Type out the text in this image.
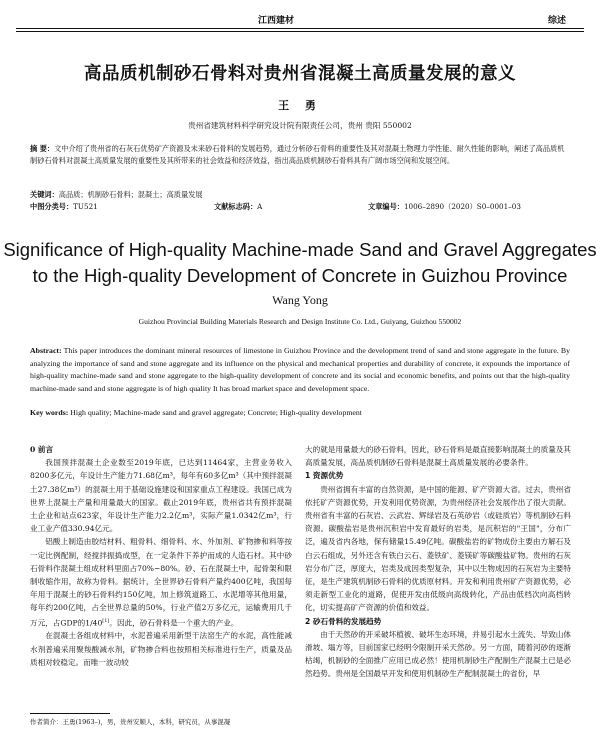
江西建材	综述
高品质机制砂石骨料对贵州省混凝土高质量发展的意义
王 勇
贵州省建筑材料科学研究设计院有限责任公司，贵州 贵阳 550002
摘 要：文中介绍了贵州省的石灰石优势矿产资源及未来砂石骨料的发展趋势，通过分析砂石骨料的重要性及其对混凝土物理力学性能、耐久性能的影响，阐述了高品质机制砂石骨料对混凝土高质量发展的重要性及其所带来的社会效益和经济效益，指出高品质机制砂石骨料具有广阔市场空间和发展空间。
关键词：高品质；机制砂石骨料；混凝土；高质量发展
中图分类号：TU521	文献标志码：A	文章编号：1006–2890（2020）S0–0001–03
Significance of High-quality Machine-made Sand and Gravel Aggregates
to the High-quality Development of Concrete in Guizhou Province
Wang Yong
Guizhou Provincial Building Materials Research and Design Institute Co. Ltd., Guiyang, Guizhou 550002
Abstract: This paper introduces the dominant mineral resources of limestone in Guizhou Province and the development trend of sand and stone aggregate in the future. By analyzing the importance of sand and stone aggregate and its influence on the physical and mechanical properties and durability of concrete, it expounds the importance of high-quality machine-made sand and stone aggregate to the high-quality development of concrete and its social and economic benefits, and points out that the high-quality machine-made sand and stone aggregate is of high quality It has broad market space and development space.
Key words: High quality; Machine-made sand and gravel aggregate; Concrete; High-quality development

0 前言

我国预拌混凝土企业数至2019年底，已达到11464家，主营业务收入8200多亿元，年设计生产能力71.68亿m³，每年有60多亿m³（其中预拌混凝土27.38亿m³）的混凝土用于基础设施建设和国家重点工程建设。我国已成为世界上混凝土产量和用量最大的国家。截止2019年底，贵州省共有预拌混凝土企业和站点623家，年设计生产能力2.2亿m³，实际产量1.0342亿m³，行业工业产值330.94亿元。

铝酸上制造由胶结材料、粗骨料、细骨料、水、外加剂、矿物掺和料等按一定比例配制，经搅拌振捣成型，在一定条件下养护而成的人造石材。其中砂石骨料作混凝土组成材料里面占70%~80%。砂、石在混凝土中，起骨架和限制收缩作用，故称为骨料。据统计，全世界砂石骨料产量约400亿吨，我国每年用于混凝土的砂石骨料约150亿吨，加上修筑道路工、水泥增等其他用量，每年约200亿吨，占全世界总量的50%，行业产值2万多亿元，运输费用几千万元，占GDP的1/40[1]。因此，砂石骨料是一个重大的产业。

在混凝土各组成材料中，水泥普遍采用新型干法窑生产的水泥，高性能减水剂普遍采用聚羧酸减水剂，矿物掺合料也按照相关标准进行生产，质量及品质相对较稳定。而唯一波动较

大的就是用量最大的砂石骨料，因此，砂石骨料是最直接影响混凝土的质量及其高质量发展，高品质机制砂石骨料是混凝土高质量发展的必要条件。

1 资源优势

贵州省拥有丰富的自然资源，是中国的能源、矿产资源大省。过去，贵州省依托矿产资源优势，开发利用优势资源，为贵州经济社会发展作出了很大贡献。贵州省有丰富的石灰岩、云武岩、辉绿岩及石英砂岩（或硅质岩）等机制砂石料资源。碳酸盐岩是贵州沉积岩中发育最好的岩类，是沉积岩的"王国"，分布广泛，遍及省内各地，保有储量15.49亿吨。碳酸盐岩的矿物成份主要由方解石及白云石组成，另外还含有铁白云石、菱铁矿、菱镁矿等碳酸盐矿物。贵州的石灰岩分布广泛，厚度大，岩类及成因类型复杂，其中以生物成因的石灰岩为主要特征，是生产建筑机制砂石骨料的优质原材料。开发和利用贵州矿产资源优势，必须走新型工业化的道路，促使开发由低级向高级转化，产品由低档次向高档转化，切实提高矿产资源的价值和效益。

2 砂石骨料的发展趋势

由于天然砂的开采破坏植被、破坏生态环境，并易引起水土流失、导致山体滑坡、塌方等，目前国家已经明令限制开采天然砂。另一方面，随着河砂的逐渐枯竭，机制砂的全面推广应用已成必然！使用机制砂生产配制生产混凝土已是必然趋势。贵州是全国最早开发和使用机制砂生产配制混凝土的省份，早

作者简介：王勇(1963–)，男，贵州安顺人，本科，研究员，从事混凝
